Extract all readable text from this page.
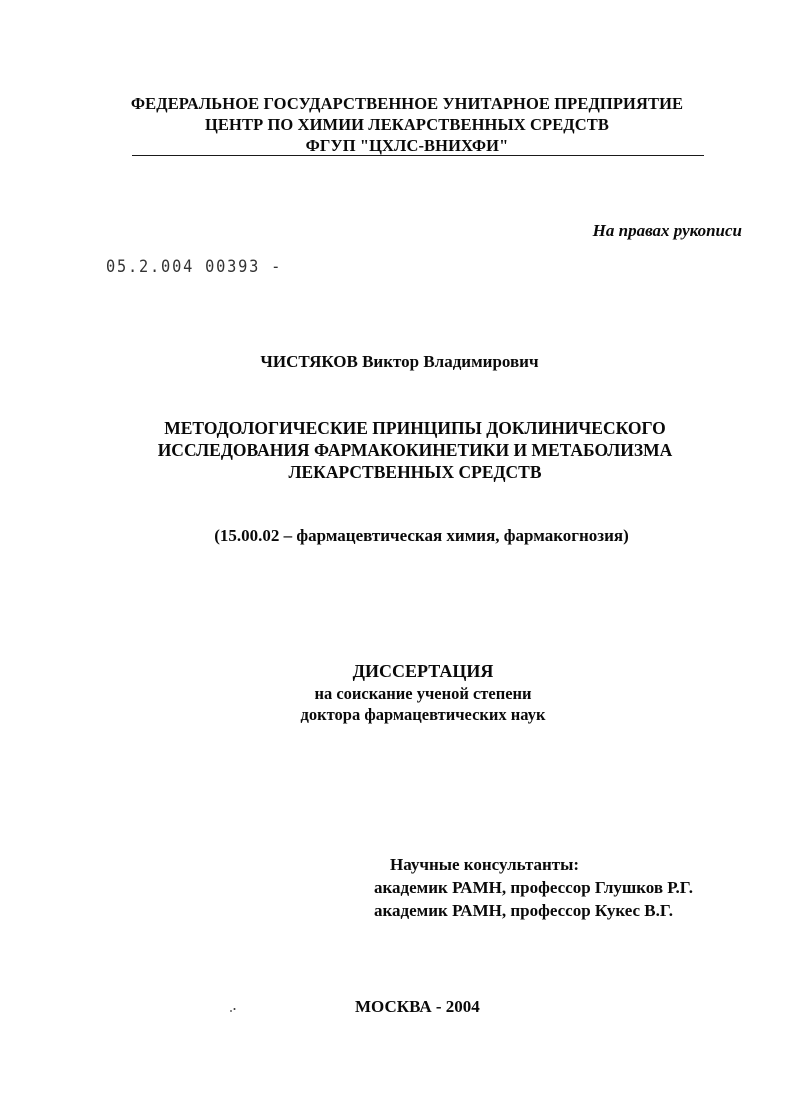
ФЕДЕРАЛЬНОЕ ГОСУДАРСТВЕННОЕ УНИТАРНОЕ ПРЕДПРИЯТИЕ
ЦЕНТР ПО ХИМИИ ЛЕКАРСТВЕННЫХ СРЕДСТВ
ФГУП "ЦХЛС-ВНИХФИ"
На правах рукописи
05.2.004 00393 -
ЧИСТЯКОВ Виктор Владимирович
МЕТОДОЛОГИЧЕСКИЕ ПРИНЦИПЫ ДОКЛИНИЧЕСКОГО
ИССЛЕДОВАНИЯ ФАРМАКОКИНЕТИКИ И МЕТАБОЛИЗМА
ЛЕКАРСТВЕННЫХ СРЕДСТВ
(15.00.02 – фармацевтическая химия, фармакогнозия)
ДИССЕРТАЦИЯ
на соискание ученой степени
доктора фармацевтических наук
Научные консультанты:
академик РАМН, профессор Глушков Р.Г.
академик РАМН, профессор Кукес В.Г.
МОСКВА - 2004
